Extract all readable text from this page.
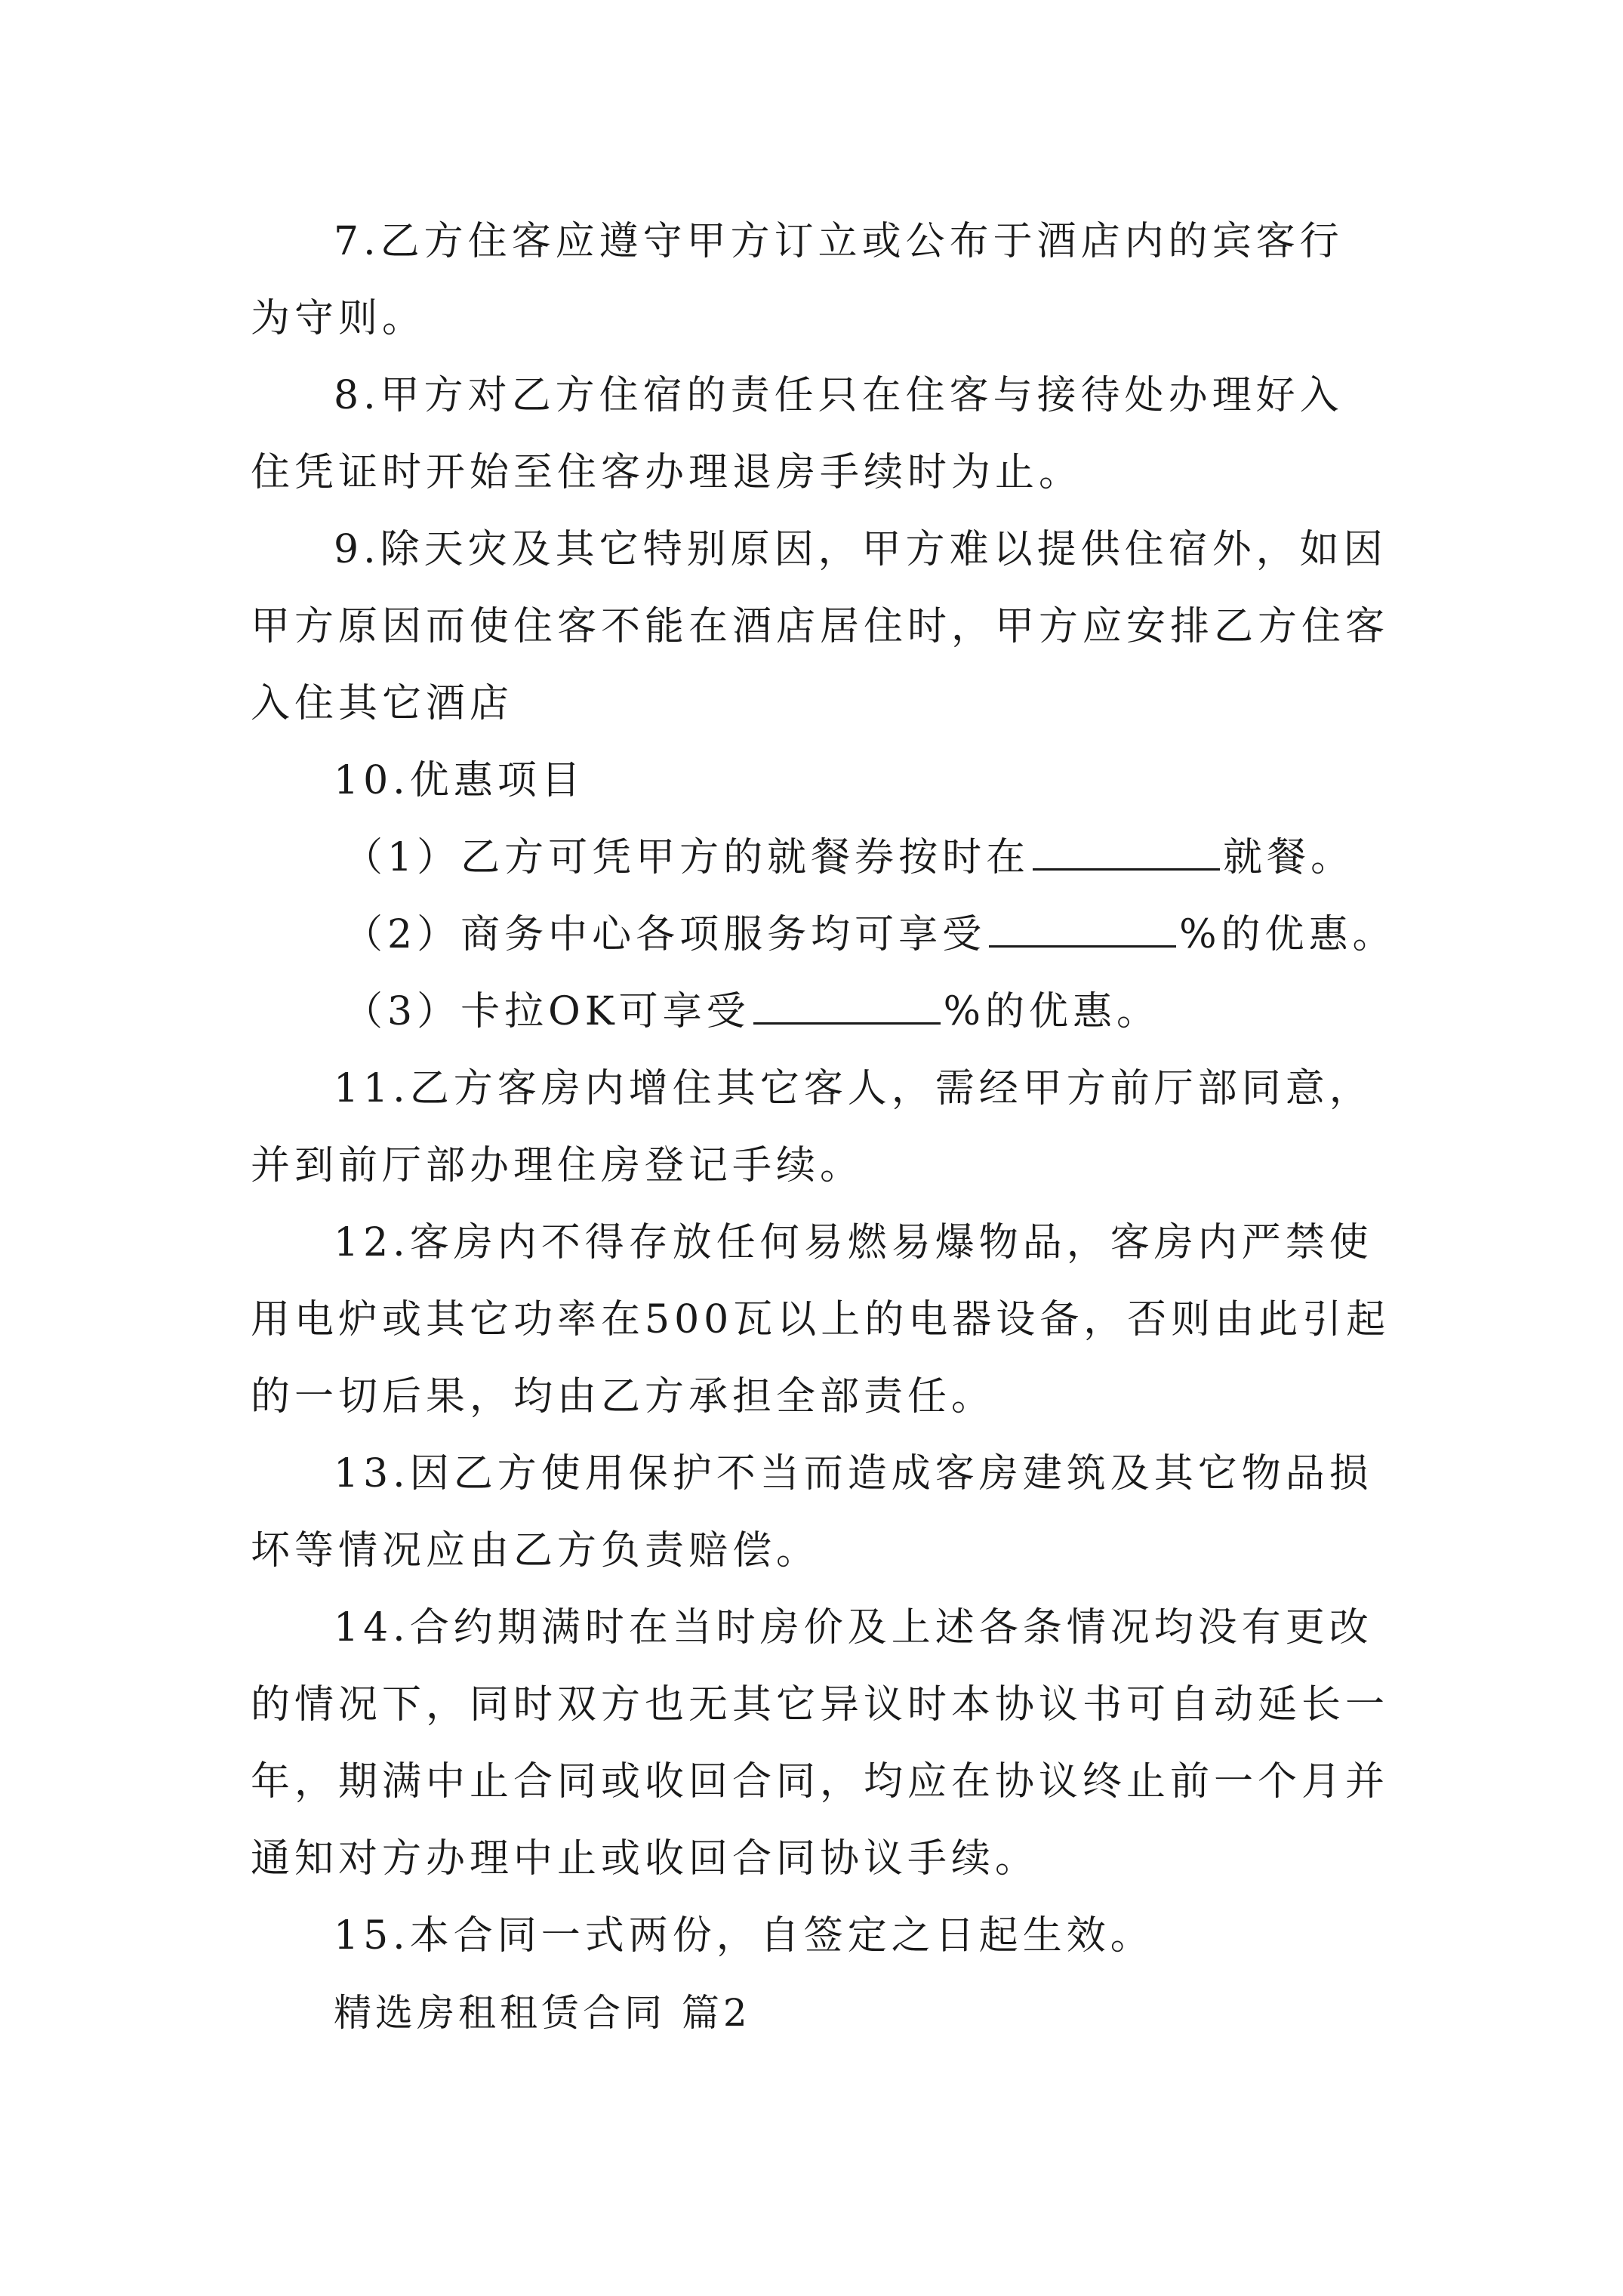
7.乙方住客应遵守甲方订立或公布于酒店内的宾客行
为守则。
8.甲方对乙方住宿的责任只在住客与接待处办理好入
住凭证时开始至住客办理退房手续时为止。
9.除天灾及其它特别原因，甲方难以提供住宿外，如因
甲方原因而使住客不能在酒店居住时，甲方应安排乙方住客
入住其它酒店
10.优惠项目
（1）乙方可凭甲方的就餐券按时在	就餐。
（2）商务中心各项服务均可享受	%的优惠。
（3）卡拉OK可享受	%的优惠。
11.乙方客房内增住其它客人，需经甲方前厅部同意，
并到前厅部办理住房登记手续。
12.客房内不得存放任何易燃易爆物品，客房内严禁使
用电炉或其它功率在500瓦以上的电器设备，否则由此引起
的一切后果，均由乙方承担全部责任。
13.因乙方使用保护不当而造成客房建筑及其它物品损
坏等情况应由乙方负责赔偿。
14.合约期满时在当时房价及上述各条情况均没有更改
的情况下，同时双方也无其它异议时本协议书可自动延长一
年，期满中止合同或收回合同，均应在协议终止前一个月并
通知对方办理中止或收回合同协议手续。
15.本合同一式两份，自签定之日起生效。
精选房租租赁合同 篇2
